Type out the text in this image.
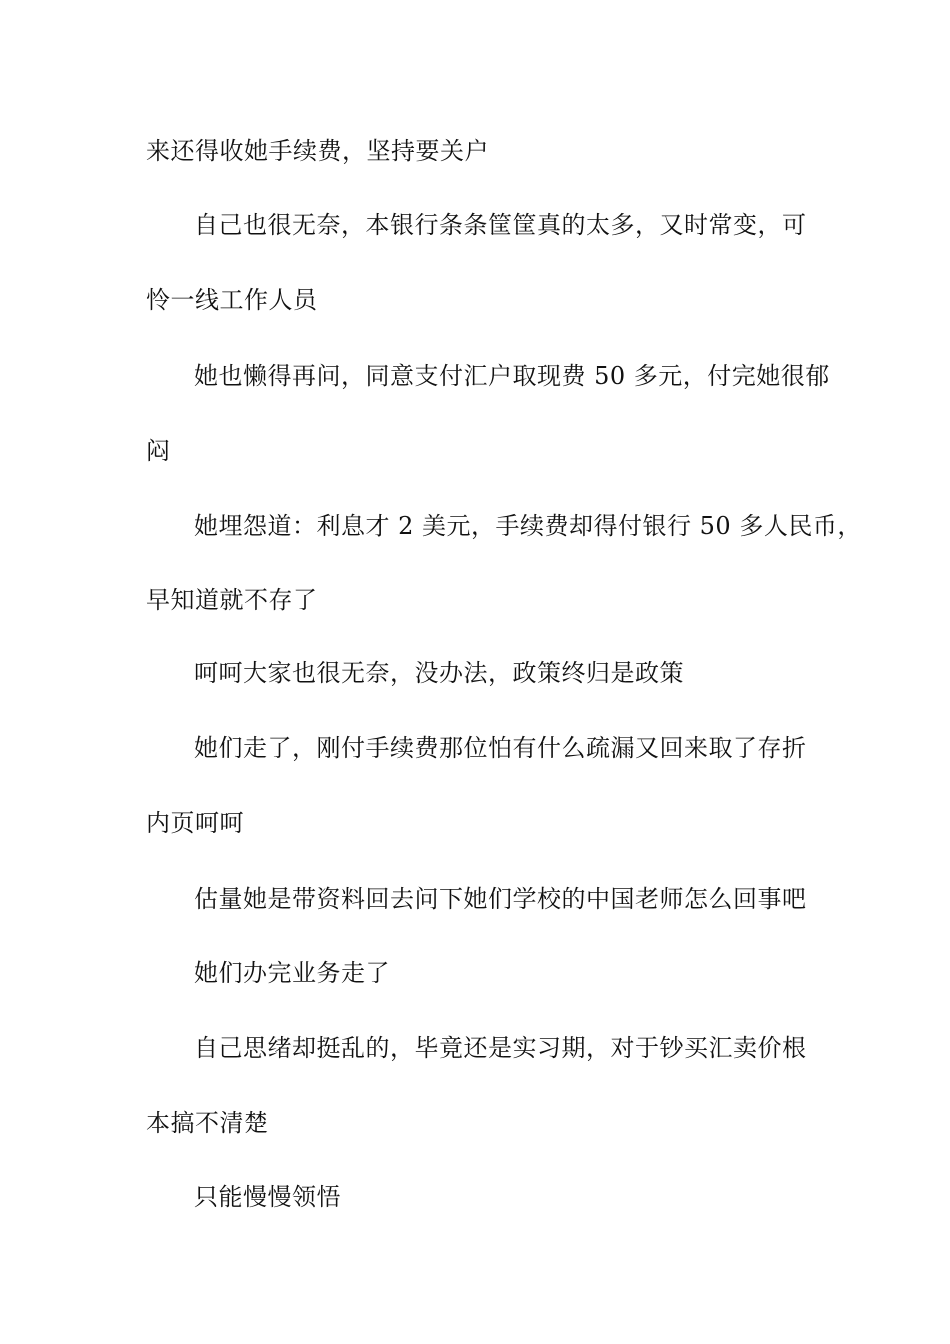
来还得收她手续费，坚持要关户
自己也很无奈，本银行条条筐筐真的太多，又时常变，可
怜一线工作人员
她也懒得再问，同意支付汇户取现费 50 多元，付完她很郁
闷
她埋怨道：利息才 2 美元，手续费却得付银行 50 多人民币，
早知道就不存了
呵呵大家也很无奈，没办法，政策终归是政策
她们走了，刚付手续费那位怕有什么疏漏又回来取了存折
内页呵呵
估量她是带资料回去问下她们学校的中国老师怎么回事吧
她们办完业务走了
自己思绪却挺乱的，毕竟还是实习期，对于钞买汇卖价根
本搞不清楚
只能慢慢领悟
